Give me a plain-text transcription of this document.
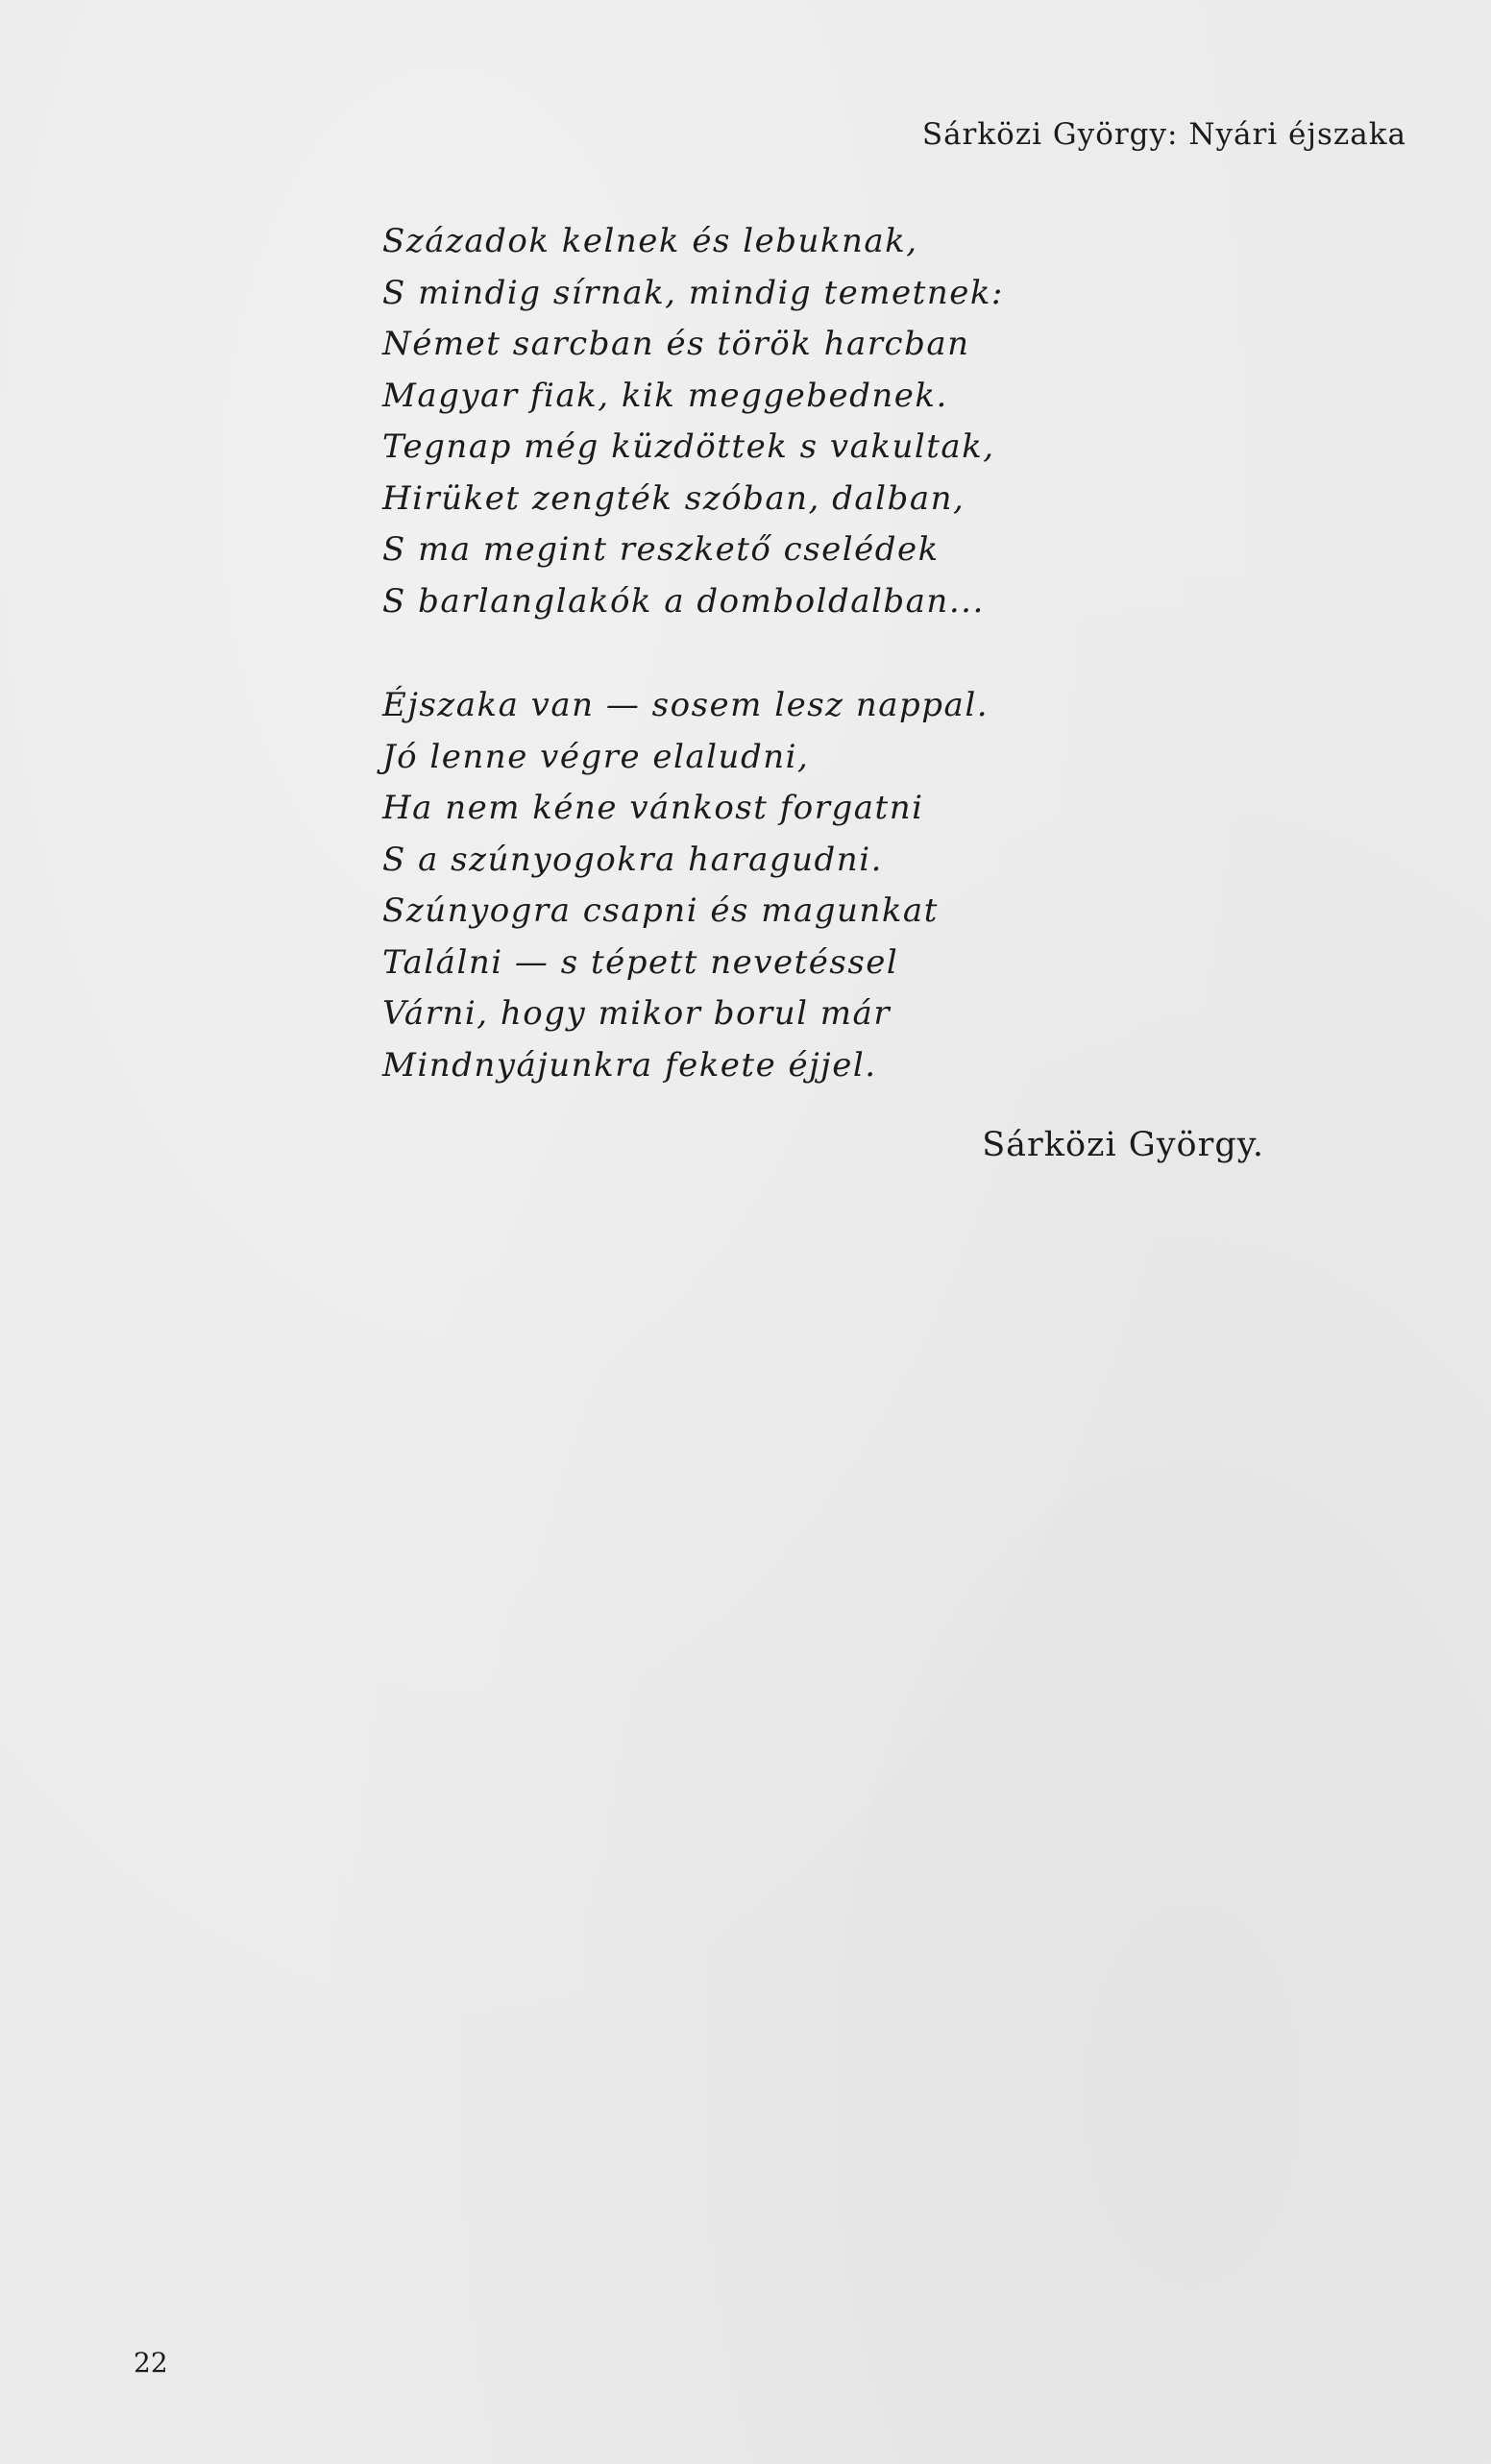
Sárközi György: Nyári éjszaka
Századok kelnek és lebuknak,
S mindig sírnak, mindig temetnek:
Német sarcban és török harcban
Magyar fiak, kik meggebednek.
Tegnap még küzdöttek s vakultak,
Hirüket zengték szóban, dalban,
S ma megint reszkető cselédek
S barlanglakók a domboldalban...
Éjszaka van — sosem lesz nappal.
Jó lenne végre elaludni,
Ha nem kéne vánkost forgatni
S a szúnyogokra haragudni.
Szúnyogra csapni és magunkat
Találni — s tépett nevetéssel
Várni, hogy mikor borul már
Mindnyájunkra fekete éjjel.
Sárközi György.
22
